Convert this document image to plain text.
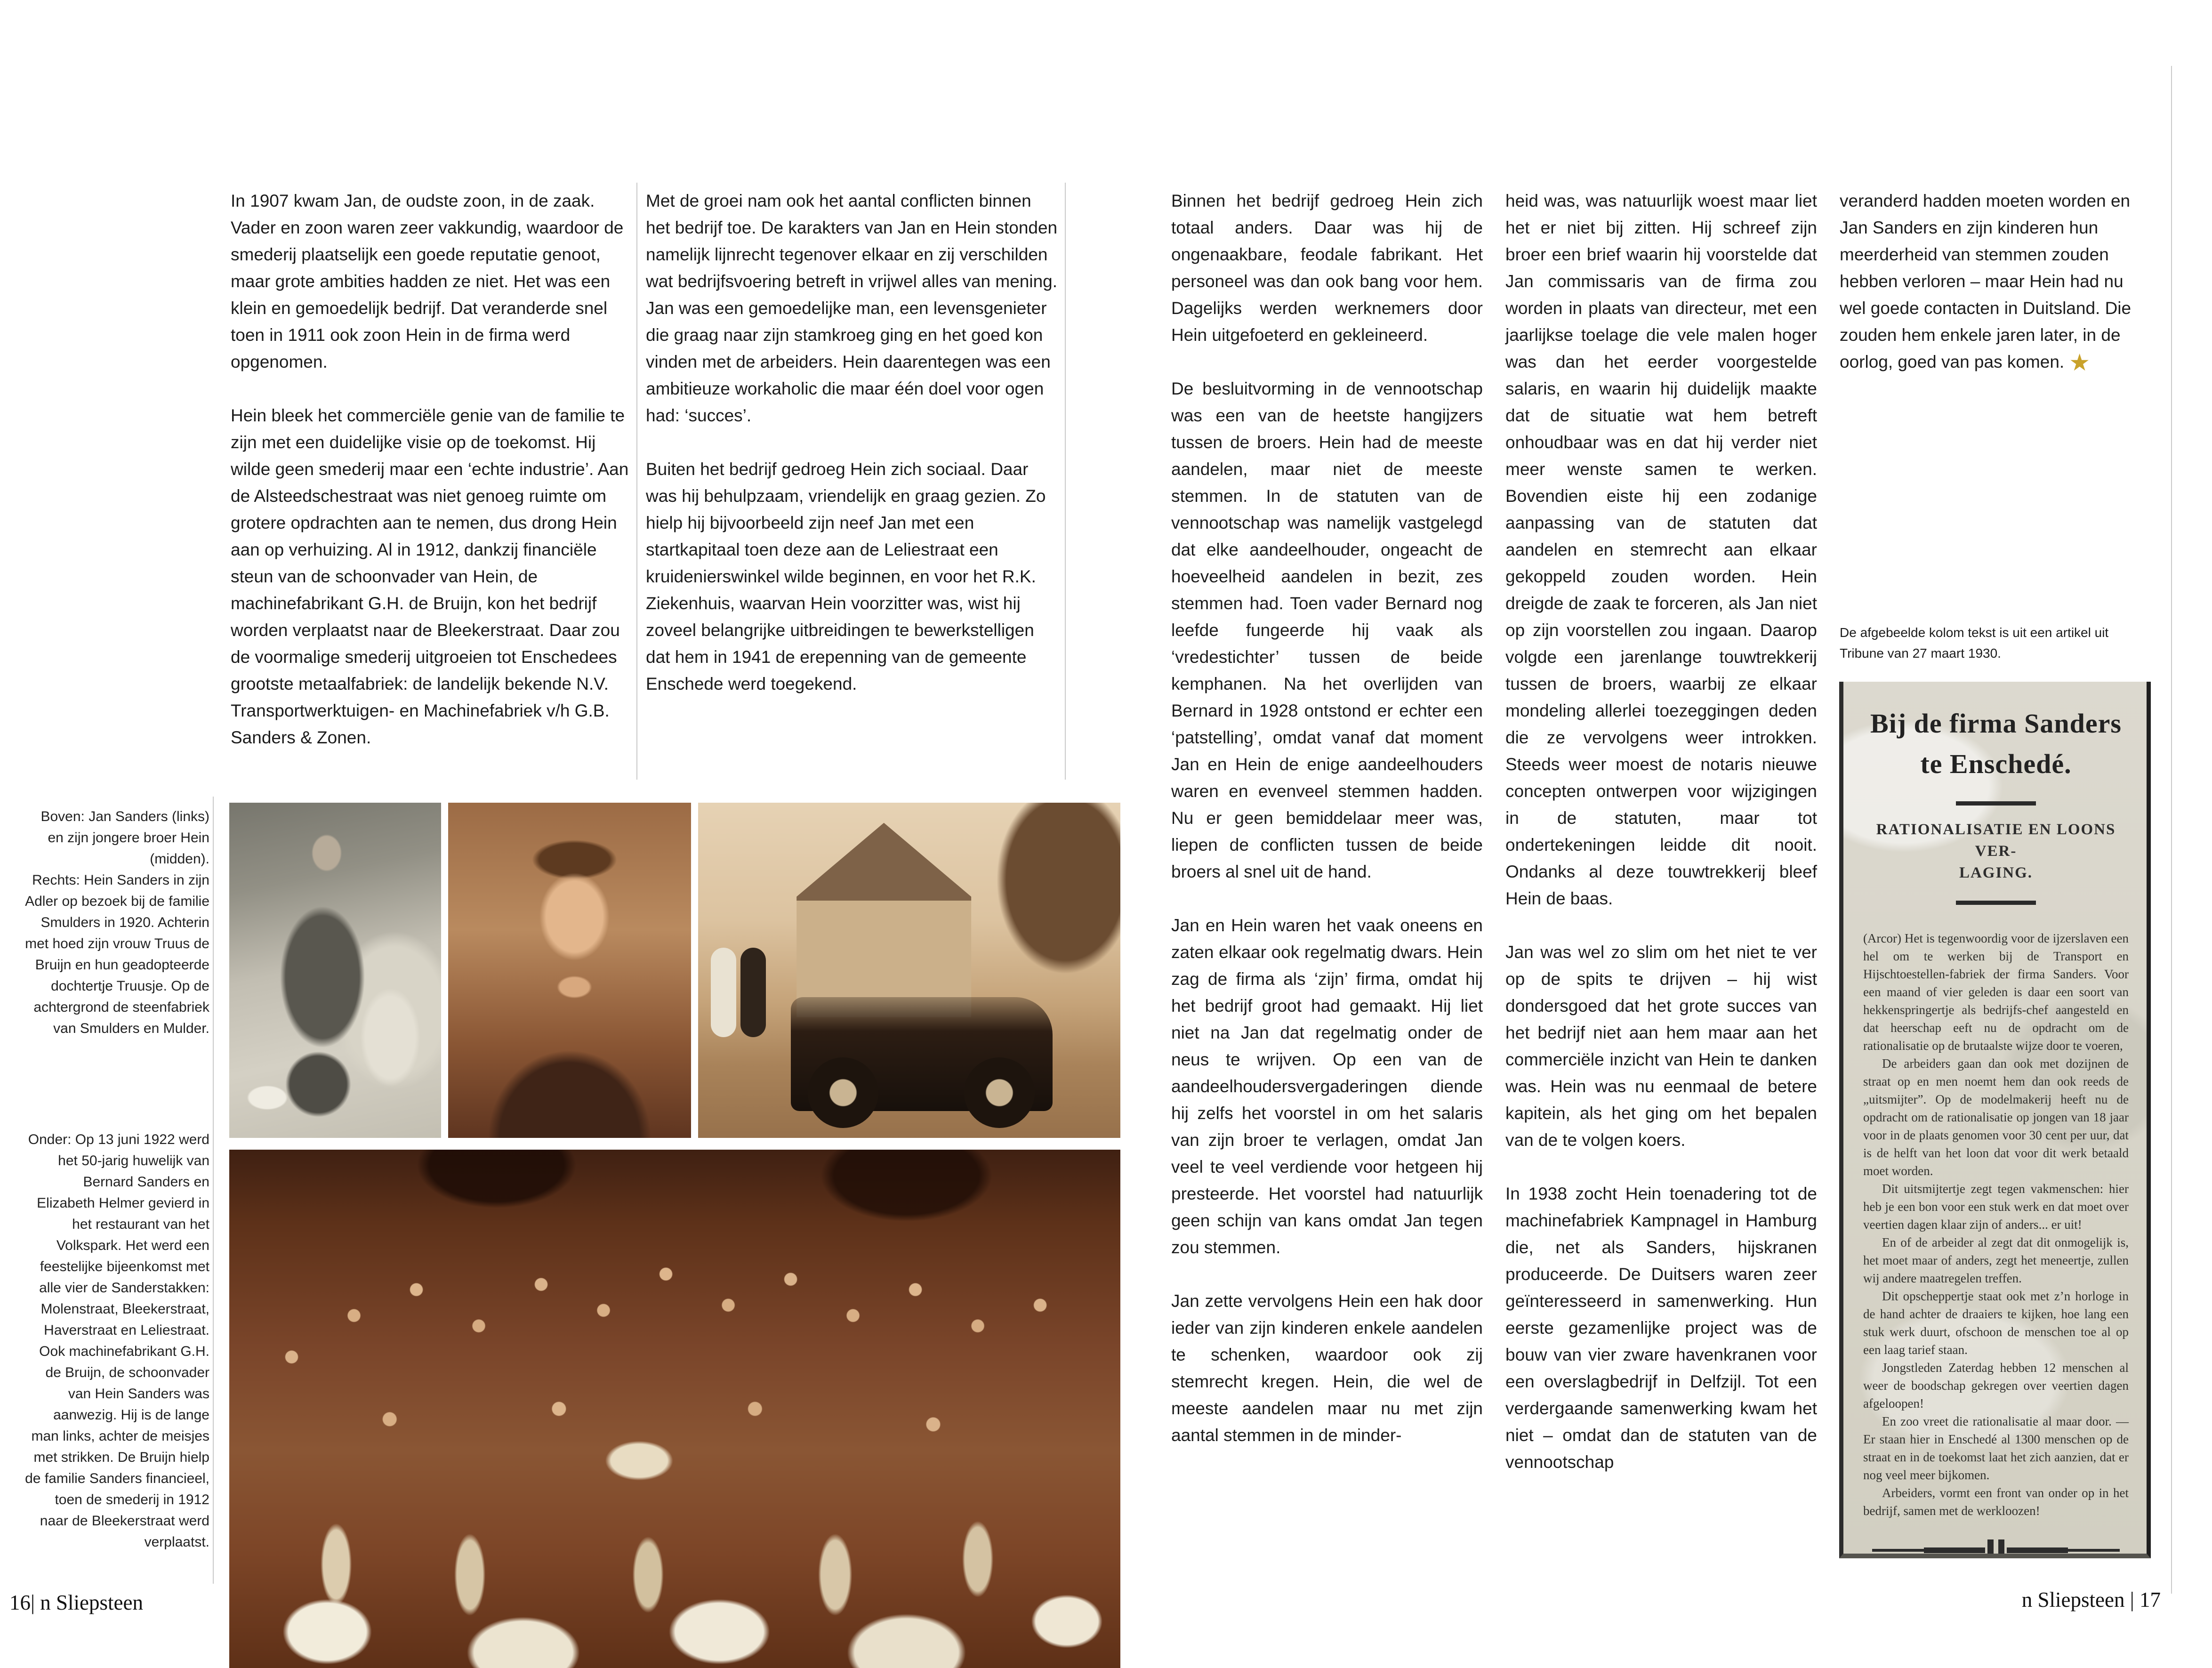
Boven: Jan Sanders (links) en zijn jongere broer Hein (midden).

Rechts: Hein Sanders in zijn Adler op bezoek bij de familie Smulders in 1920. Achterin met hoed zijn vrouw Truus de Bruijn en hun geadopteerde dochtertje Truusje. Op de achtergrond de steenfabriek van Smulders en Mulder.

Onder: Op 13 juni 1922 werd het 50-jarig huwelijk van Bernard Sanders en Elizabeth Helmer gevierd in het restaurant van het Volkspark. Het werd een feestelijke bijeenkomst met alle vier de Sanderstakken: Molenstraat, Bleekerstraat, Haverstraat en Leliestraat. Ook machinefabrikant G.H. de Bruijn, de schoonvader van Hein Sanders was aanwezig. Hij is de lange man links, achter de meisjes met strikken. De Bruijn hielp de familie Sanders financieel, toen de smederij in 1912 naar de Bleekerstraat werd verplaatst.

In 1907 kwam Jan, de oudste zoon, in de zaak. Vader en zoon waren zeer vakkundig, waardoor de smederij plaatselijk een goede reputatie genoot, maar grote ambities hadden ze niet. Het was een klein en gemoedelijk bedrijf. Dat veranderde snel toen in 1911 ook zoon Hein in de firma werd opgenomen.

Hein bleek het commerciële genie van de familie te zijn met een duidelijke visie op de toekomst. Hij wilde geen smederij maar een ‘echte industrie’. Aan de Alsteedschestraat was niet genoeg ruimte om grotere opdrachten aan te nemen, dus drong Hein aan op verhuizing. Al in 1912, dankzij financiële steun van de schoonvader van Hein, de machinefabrikant G.H. de Bruijn, kon het bedrijf worden verplaatst naar de Bleekerstraat. Daar zou de voormalige smederij uitgroeien tot Enschedees grootste metaalfabriek: de landelijk bekende N.V. Transportwerktuigen- en Machinefabriek v/h G.B. Sanders & Zonen.

Met de groei nam ook het aantal conflicten binnen het bedrijf toe. De karakters van Jan en Hein stonden namelijk lijnrecht tegenover elkaar en zij verschilden wat bedrijfsvoering betreft in vrijwel alles van mening. Jan was een gemoedelijke man, een levensgenieter die graag naar zijn stamkroeg ging en het goed kon vinden met de arbeiders. Hein daarentegen was een ambitieuze workaholic die maar één doel voor ogen had: ‘succes’.

Buiten het bedrijf gedroeg Hein zich sociaal. Daar was hij behulpzaam, vriendelijk en graag gezien. Zo hielp hij bijvoorbeeld zijn neef Jan met een startkapitaal toen deze aan de Leliestraat een kruidenierswinkel wilde beginnen, en voor het R.K. Ziekenhuis, waarvan Hein voorzitter was, wist hij zoveel belangrijke uitbreidingen te bewerkstelligen dat hem in 1941 de erepenning van de gemeente Enschede werd toegekend.

Binnen het bedrijf gedroeg Hein zich totaal anders. Daar was hij de ongenaakbare, feodale fabrikant. Het personeel was dan ook bang voor hem. Dagelijks werden werknemers door Hein uitgefoeterd en gekleineerd.

De besluitvorming in de vennootschap was een van de heetste hangijzers tussen de broers. Hein had de meeste aandelen, maar niet de meeste stemmen. In de statuten van de vennootschap was namelijk vastgelegd dat elke aandeelhouder, ongeacht de hoeveelheid aandelen in bezit, zes stemmen had. Toen vader Bernard nog leefde fungeerde hij vaak als ‘vredestichter’ tussen de beide kemphanen. Na het overlijden van Bernard in 1928 ontstond er echter een ‘patstelling’, omdat vanaf dat moment Jan en Hein de enige aandeelhouders waren en evenveel stemmen hadden. Nu er geen bemiddelaar meer was, liepen de conflicten tussen de beide broers al snel uit de hand.

Jan en Hein waren het vaak oneens en zaten elkaar ook regelmatig dwars. Hein zag de firma als ‘zijn’ firma, omdat hij het bedrijf groot had gemaakt. Hij liet niet na Jan dat regelmatig onder de neus te wrijven. Op een van de aandeelhoudersvergaderingen diende hij zelfs het voorstel in om het salaris van zijn broer te verlagen, omdat Jan veel te veel verdiende voor hetgeen hij presteerde. Het voorstel had natuurlijk geen schijn van kans omdat Jan tegen zou stemmen.

Jan zette vervolgens Hein een hak door ieder van zijn kinderen enkele aandelen te schenken, waardoor ook zij stemrecht kregen. Hein, die wel de meeste aandelen maar nu met zijn aantal stemmen in de minder-

heid was, was natuurlijk woest maar liet het er niet bij zitten. Hij schreef zijn broer een brief waarin hij voorstelde dat Jan commissaris van de firma zou worden in plaats van directeur, met een jaarlijkse toelage die vele malen hoger was dan het eerder voorgestelde salaris, en waarin hij duidelijk maakte dat de situatie wat hem betreft onhoudbaar was en dat hij verder niet meer wenste samen te werken. Bovendien eiste hij een zodanige aanpassing van de statuten dat aandelen en stemrecht aan elkaar gekoppeld zouden worden. Hein dreigde de zaak te forceren, als Jan niet op zijn voorstellen zou ingaan. Daarop volgde een jarenlange touwtrekkerij tussen de broers, waarbij ze elkaar mondeling allerlei toezeggingen deden die ze vervolgens weer introkken. Steeds weer moest de notaris nieuwe concepten ontwerpen voor wijzigingen in de statuten, maar tot ondertekeningen leidde dit nooit. Ondanks al deze touwtrekkerij bleef Hein de baas.

Jan was wel zo slim om het niet te ver op de spits te drijven – hij wist dondersgoed dat het grote succes van het bedrijf niet aan hem maar aan het commerciële inzicht van Hein te danken was. Hein was nu eenmaal de betere kapitein, als het ging om het bepalen van de te volgen koers.

In 1938 zocht Hein toenadering tot de machinefabriek Kampnagel in Hamburg die, net als Sanders, hijskranen produceerde. De Duitsers waren zeer geïnteresseerd in samenwerking. Hun eerste gezamenlijke project was de bouw van vier zware havenkranen voor een overslagbedrijf in Delfzijl. Tot een verdergaande samenwerking kwam het niet – omdat dan de statuten van de vennootschap

veranderd hadden moeten worden en Jan Sanders en zijn kinderen hun meerderheid van stemmen zouden hebben verloren – maar Hein had nu wel goede contacten in Duitsland. Die zouden hem enkele jaren later, in de oorlog, goed van pas komen. ★

De afgebeelde kolom tekst is uit een artikel uit Tribune van 27 maart 1930.
Bij de firma Sanders te Enschedé.
RATIONALISATIE EN LOONS VER-
LAGING.

(Arcor) Het is tegenwoordig voor de ijzerslaven een hel om te werken bij de Transport en Hijschtoestellen-fabriek der firma Sanders. Voor een maand of vier geleden is daar een soort van hekkenspringertje als bedrijfs-chef aangesteld en dat heerschap eeft nu de opdracht om de rationalisatie op de brutaalste wijze door te voeren,

De arbeiders gaan dan ook met dozijnen de straat op en men noemt hem dan ook reeds de „uitsmijter”. Op de modelmakerij heeft nu de opdracht om de rationalisatie op jongen van 18 jaar voor in de plaats genomen voor 30 cent per uur, dat is de helft van het loon dat voor dit werk betaald moet worden.

Dit uitsmijtertje zegt tegen vakmenschen: hier heb je een bon voor een stuk werk en dat moet over veertien dagen klaar zijn of anders... er uit!

En of de arbeider al zegt dat dit onmogelijk is, het moet maar of anders, zegt het meneertje, zullen wij andere maatregelen treffen.

Dit opscheppertje staat ook met z’n horloge in de hand achter de draaiers te kijken, hoe lang een stuk werk duurt, ofschoon de menschen toe al op een laag tarief staan.

Jongstleden Zaterdag hebben 12 menschen al weer de boodschap gekregen over veertien dagen afgeloopen!

En zoo vreet die rationalisatie al maar door. — Er staan hier in Enschedé al 1300 menschen op de straat en in de toekomst laat het zich aanzien, dat er nog veel meer bijkomen.

Arbeiders, vormt een front van onder op in het bedrijf, samen met de werkloozen!

16| n Sliepsteen	n Sliepsteen | 17
